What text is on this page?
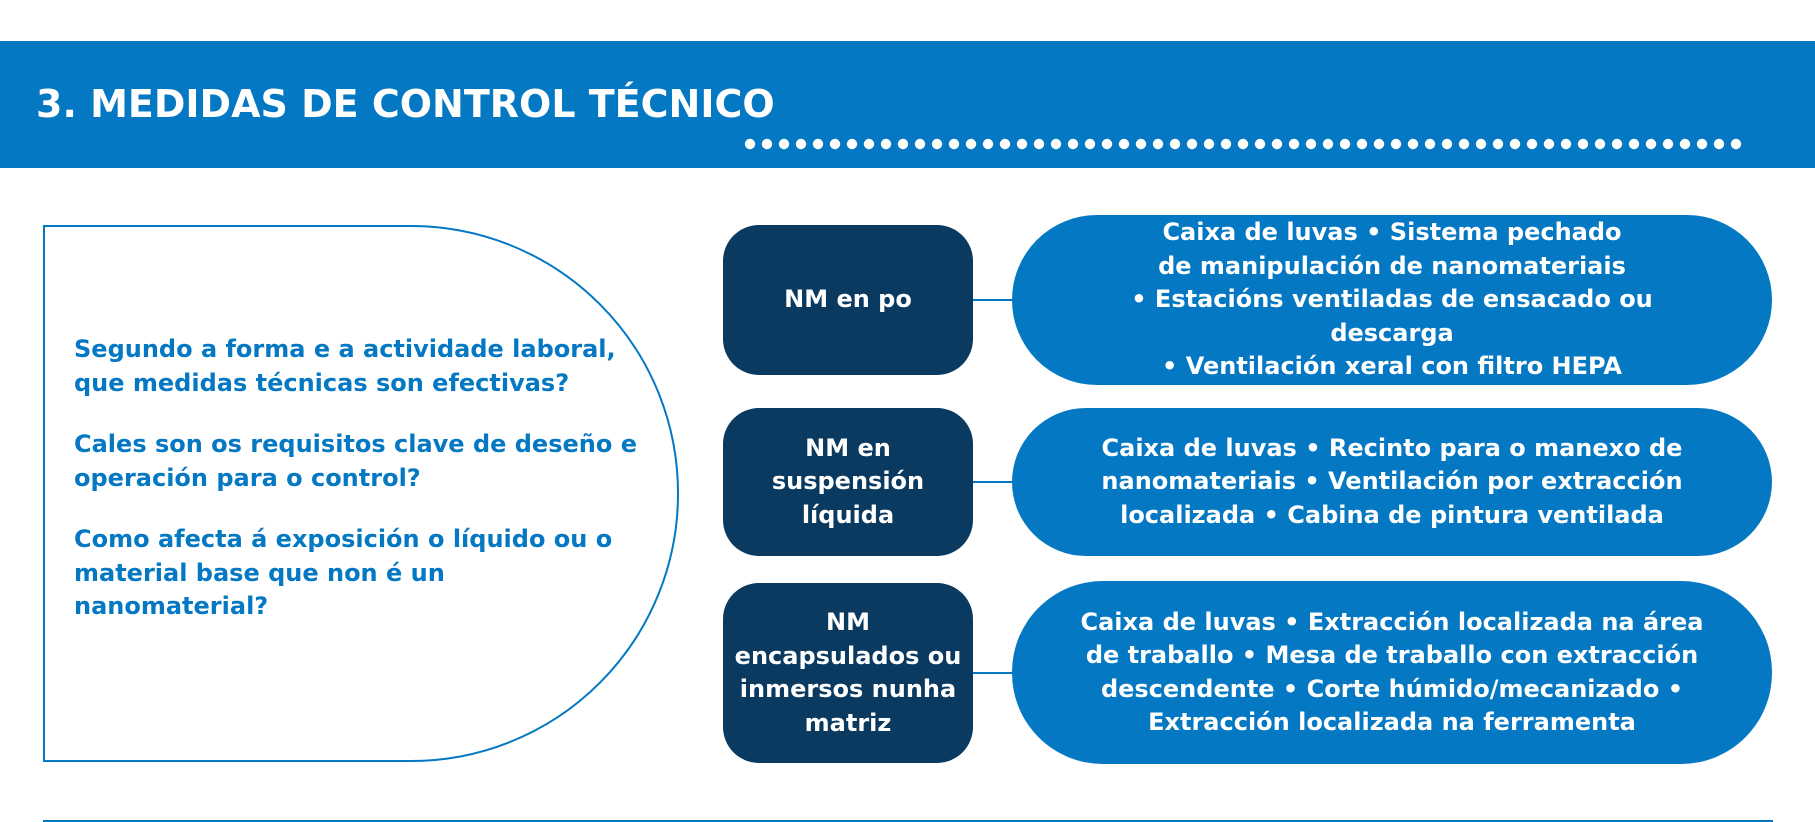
3. MEDIDAS DE CONTROL TÉCNICO

Segundo a forma e a actividade laboral, que medidas técnicas son efectivas?

Cales son os requisitos clave de deseño e operación para o control?

Como afecta á exposición o líquido ou o material base que non é un nanomaterial?

NM en po
Caixa de luvas • Sistema pechado
de manipulación de nanomateriais
• Estacións ventiladas de ensacado ou descarga
• Ventilación xeral con filtro HEPA
NM en suspensión líquida
Caixa de luvas • Recinto para o manexo de
nanomateriais • Ventilación por extracción
localizada • Cabina de pintura ventilada
NM encapsulados ou inmersos nunha matriz
Caixa de luvas • Extracción localizada na área
de traballo • Mesa de traballo con extracción
descendente • Corte húmido/mecanizado •
Extracción localizada na ferramenta
